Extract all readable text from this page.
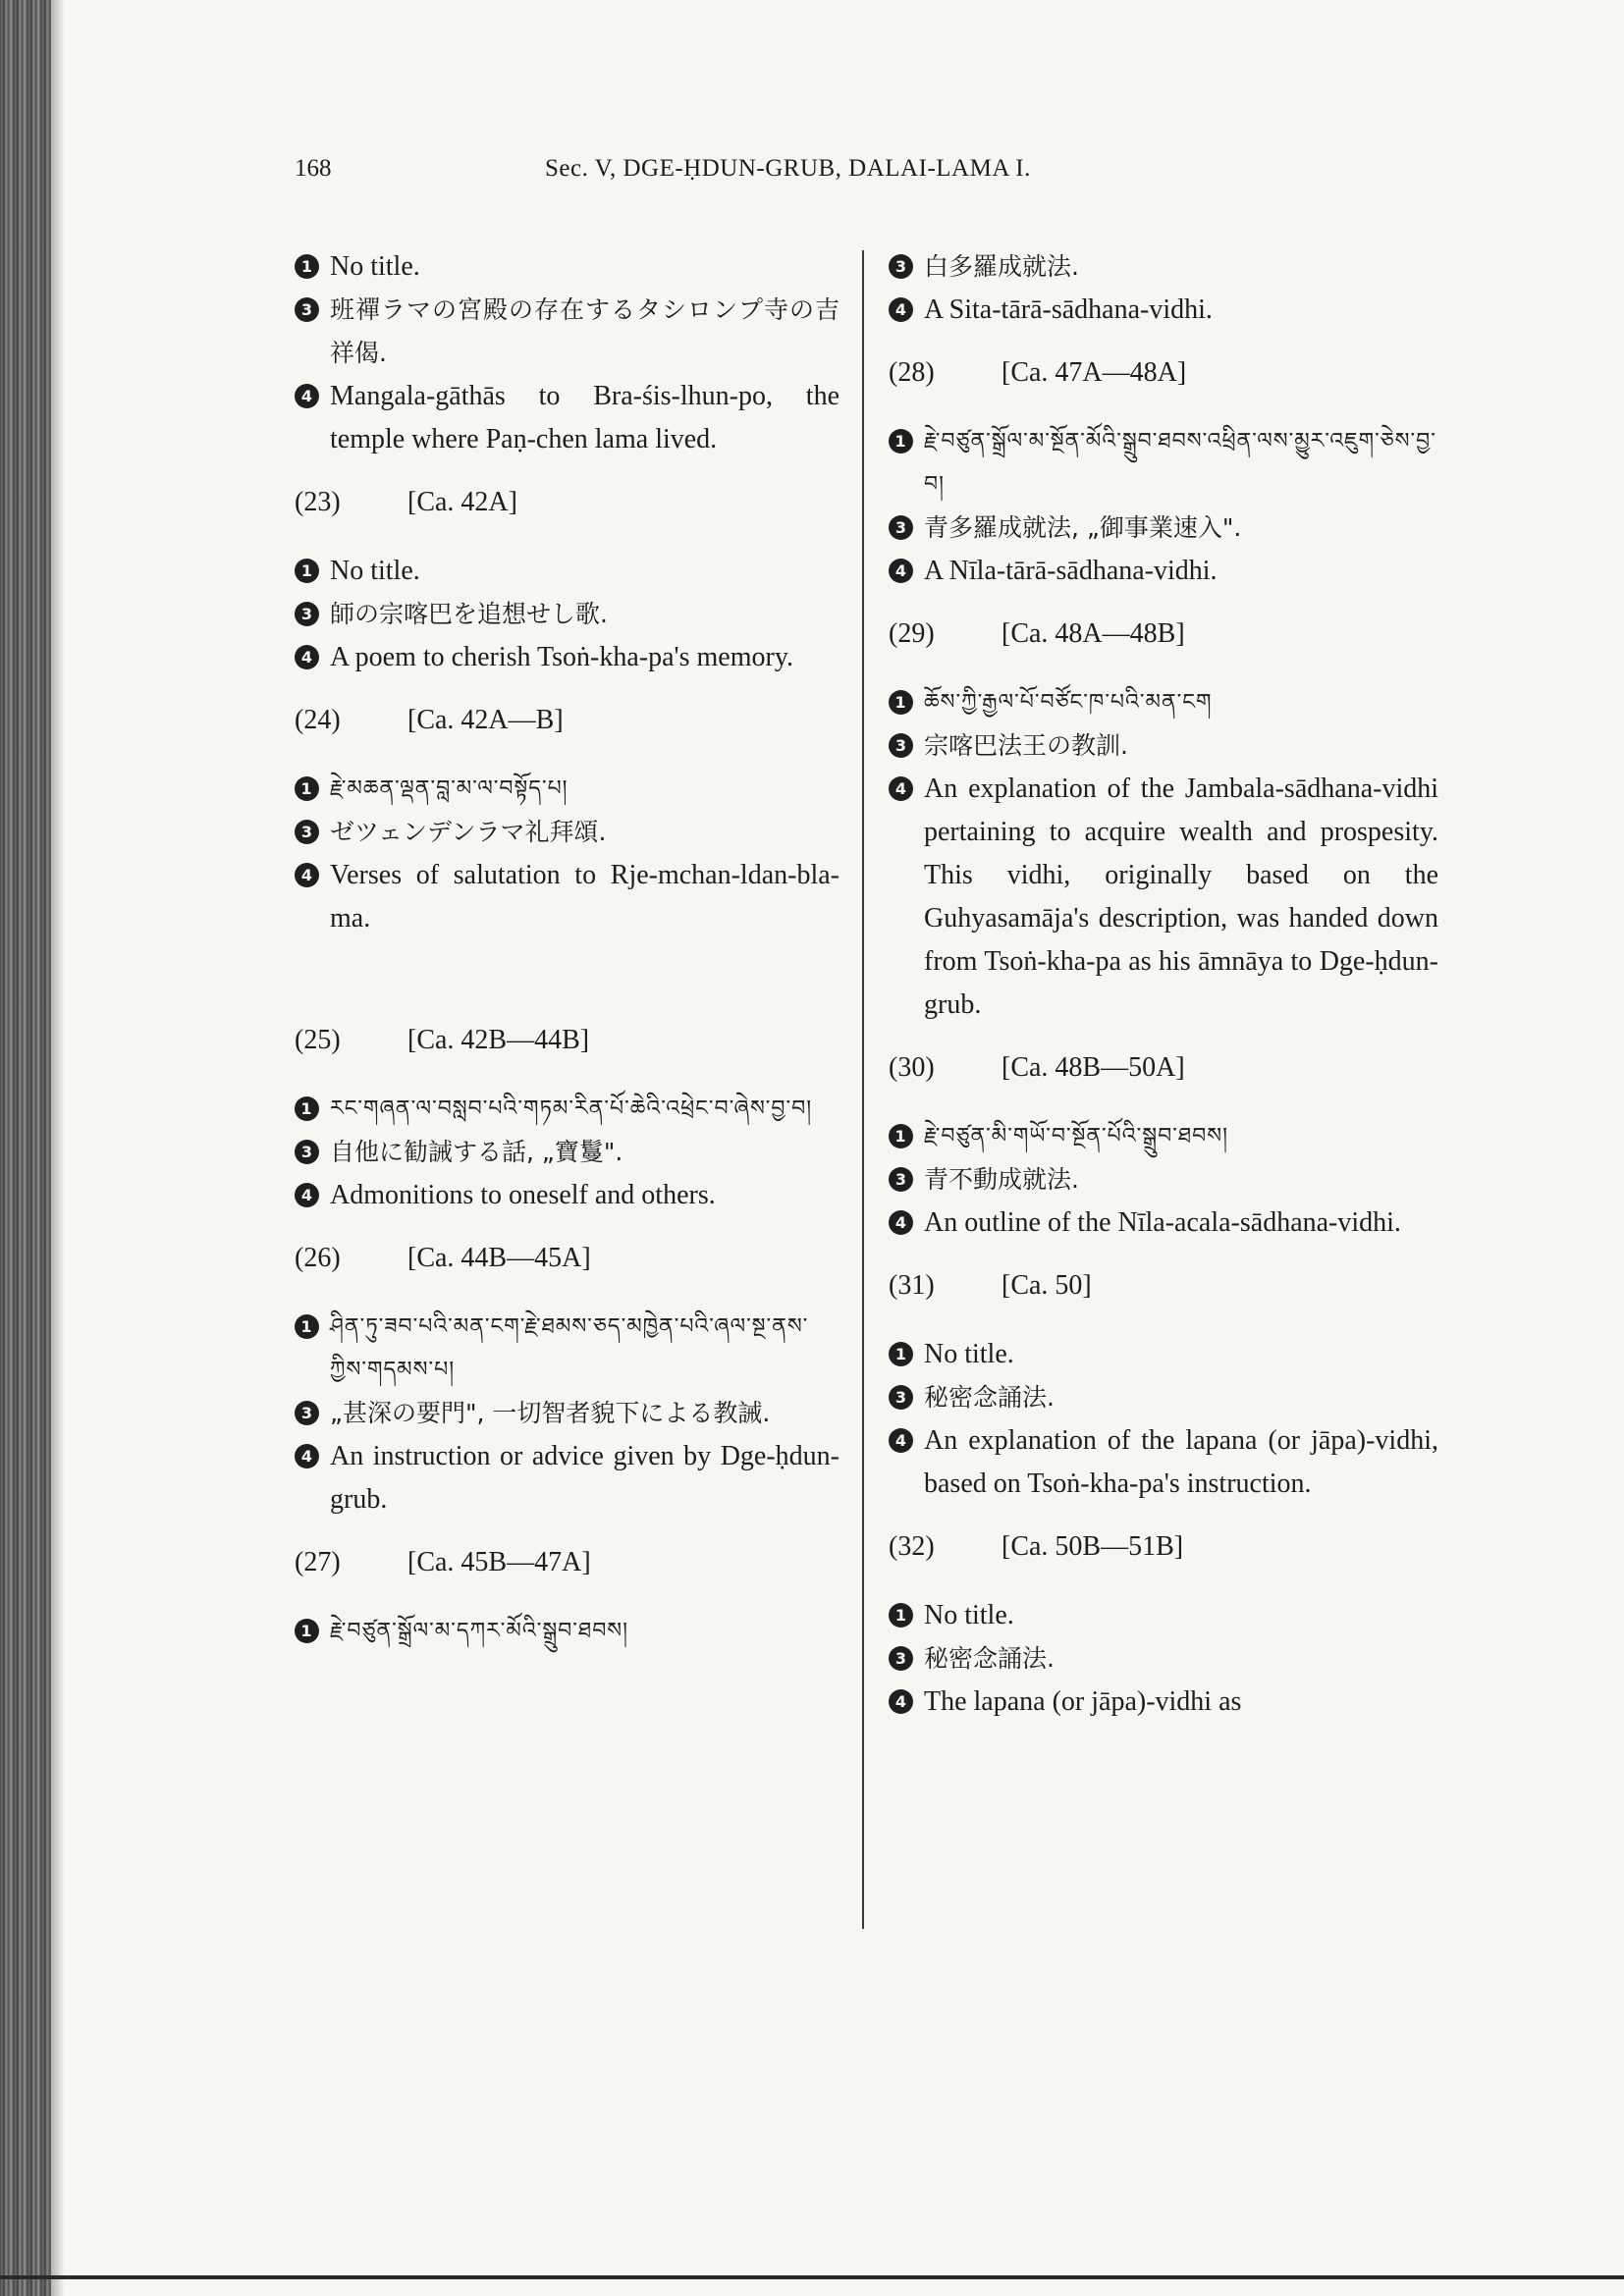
168	Sec. V, DGE-ḤDUN-GRUB, DALAI-LAMA I.
1 No title.
3 班禪ラマの宮殿の存在するタシロンプ寺の吉祥偈.
4 Mangala-gāthās to Bra-śis-lhun-po, the temple where Paṇ-chen lama lived.
(23) [Ca. 42A]
1 No title.
3 師の宗喀巴を追想せし歌.
4 A poem to cherish Tsoṅ-kha-pa's memory.
(24) [Ca. 42A—B]
1 རྗེ་མཆན་ལྡན་བླ་མ་ལ་བསྟོད་པ།
3 ゼツェンデンラマ礼拜頌.
4 Verses of salutation to Rje-mchan-ldan-bla-ma.
(25) [Ca. 42B—44B]
1 རང་གཞན་ལ་བསླབ་པའི་གཏམ་རིན་པོ་ཆེའི་འཕྲེང་བ་ཞེས་བྱ་བ།
3 自他に勧誡する話, „寶鬘".
4 Admonitions to oneself and others.
(26) [Ca. 44B—45A]
1 ཤིན་ཏུ་ཟབ་པའི་མན་ངག་རྗེ་ཐམས་ཅད་མཁྱེན་པའི་ཞལ་སྔ་ནས་ཀྱིས་གདམས་པ།
3 „甚深の要門", 一切智者貌下による教誡.
4 An instruction or advice given by Dge-ḥdun-grub.
(27) [Ca. 45B—47A]
1 རྗེ་བཙུན་སྒྲོལ་མ་དཀར་མོའི་སྒྲུབ་ཐབས།
3 白多羅成就法.
4 A Sita-tārā-sādhana-vidhi.
(28) [Ca. 47A—48A]
1 རྗེ་བཙུན་སྒྲོལ་མ་སྔོན་མོའི་སྒྲུབ་ཐབས་འཕྲིན་ལས་མྱུར་འཇུག་ཅེས་བྱ་བ།
3 青多羅成就法, „御事業速入".
4 A Nīla-tārā-sādhana-vidhi.
(29) [Ca. 48A—48B]
1 ཆོས་ཀྱི་རྒྱལ་པོ་བཙོང་ཁ་པའི་མན་ངག
3 宗喀巴法王の教訓.
4 An explanation of the Jambala-sādhana-vidhi pertaining to acquire wealth and prospesity. This vidhi, originally based on the Guhyasamāja's description, was handed down from Tsoṅ-kha-pa as his āmnāya to Dge-ḥdun-grub.
(30) [Ca. 48B—50A]
1 རྗེ་བཙུན་མི་གཡོ་བ་སྔོན་པོའི་སྒྲུབ་ཐབས།
3 青不動成就法.
4 An outline of the Nīla-acala-sādhana-vidhi.
(31) [Ca. 50]
1 No title.
3 秘密念誦法.
4 An explanation of the lapana (or jāpa)-vidhi, based on Tsoṅ-kha-pa's instruction.
(32) [Ca. 50B—51B]
1 No title.
3 秘密念誦法.
4 The lapana (or jāpa)-vidhi as
